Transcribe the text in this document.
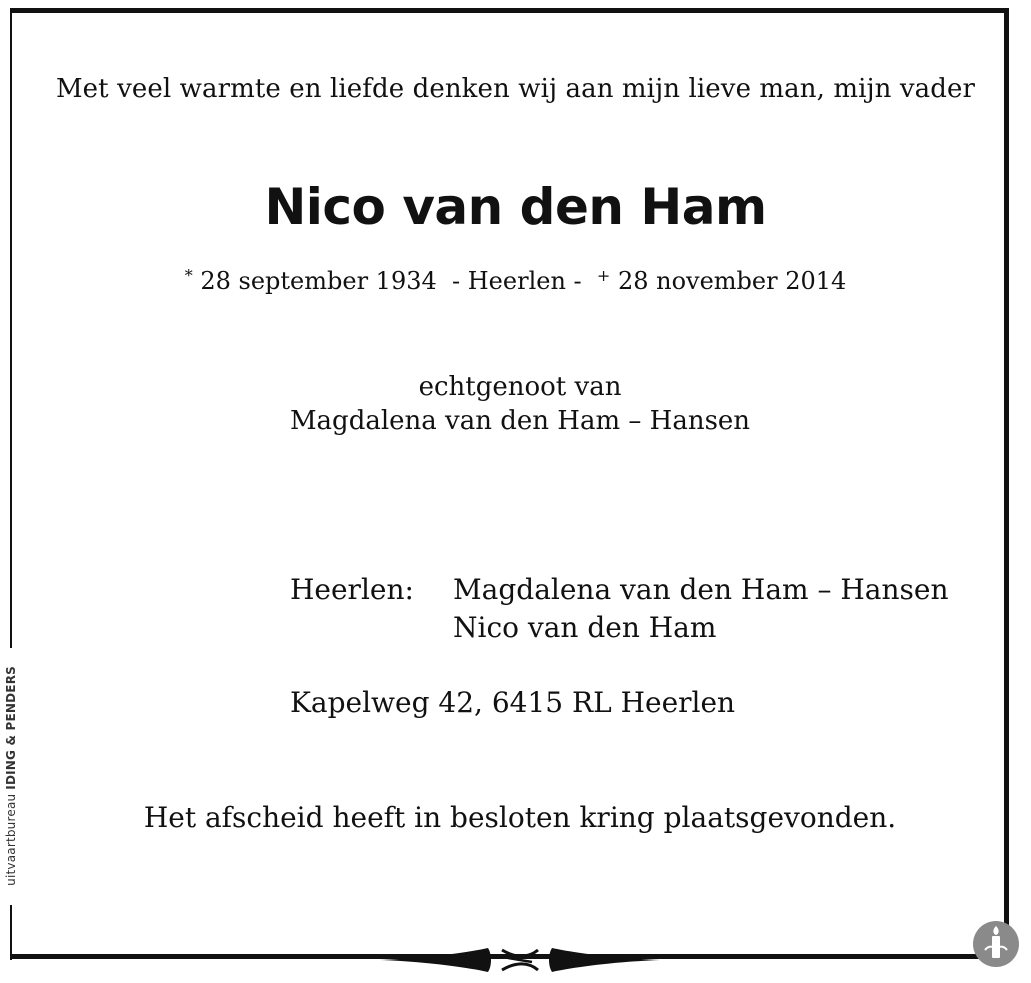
uitvaartbureau IDING & PENDERS
Met veel warmte en liefde denken wij aan mijn lieve man, mijn vader
Nico van den Ham
* 28 september 1934 - Heerlen - + 28 november 2014
echtgenoot van
Magdalena van den Ham – Hansen
Heerlen: Magdalena van den Ham – Hansen
Nico van den Ham
Kapelweg 42, 6415 RL Heerlen
Het afscheid heeft in besloten kring plaatsgevonden.
